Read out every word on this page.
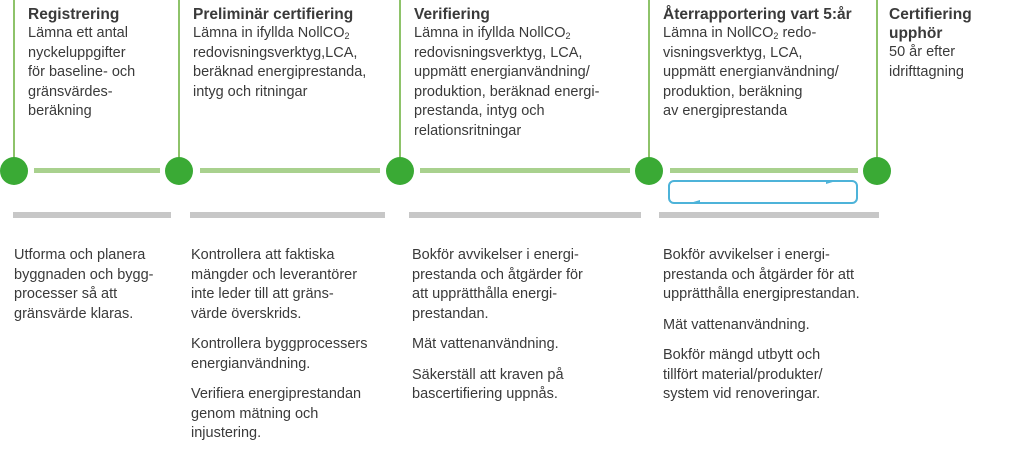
Registrering

Lämna ett antal
nyckeluppgifter
för baseline- och
gränsvärdes-
beräkning

Preliminär certifiering

Lämna in ifyllda NollCO$_2$
redovisningsverktyg,LCA,
beräknad energiprestanda,
intyg och ritningar

Verifiering

Lämna in ifyllda NollCO$_2$
redovisningsverktyg, LCA,
uppmätt energianvändning/
produktion, beräknad energi-
prestanda, intyg och
relationsritningar

Återrapportering vart 5:år

Lämna in NollCO$_2$ redo-
visningsverktyg, LCA,
uppmätt energianvändning/
produktion, beräkning
av energiprestanda

Certifiering
upphör

50 år efter
idrifttagning

Utforma och planera
byggnaden och bygg-
processer så att
gränsvärde klaras.

Kontrollera att faktiska
mängder och leverantörer
inte leder till att gräns-
värde överskrids.

Kontrollera byggprocessers
energianvändning.

Verifiera energiprestandan
genom mätning och
injustering.

Bokför avvikelser i energi-
prestanda och åtgärder för
att upprätthålla energi-
prestandan.

Mät vattenanvändning.

Säkerställ att kraven på
bascertifiering uppnås.

Bokför avvikelser i energi-
prestanda och åtgärder för att
upprätthålla energiprestandan.

Mät vattenanvändning.

Bokför mängd utbytt och
tillfört material/produkter/
system vid renoveringar.
